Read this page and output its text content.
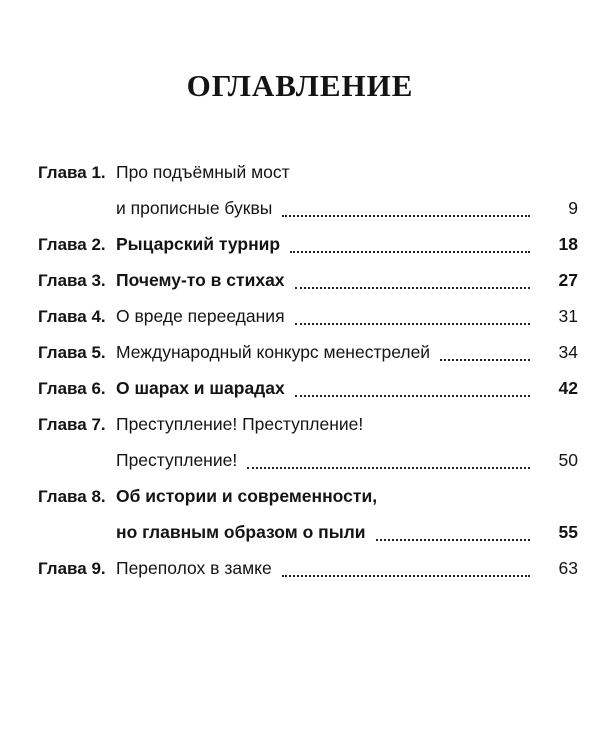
ОГЛАВЛЕНИЕ
Глава 1. Про подъёмный мост
и прописные буквы	9
Глава 2. Рыцарский турнир	18
Глава 3. Почему-то в стихах	27
Глава 4. О вреде переедания	31
Глава 5. Международный конкурс менестрелей	34
Глава 6. О шарах и шарадах	42
Глава 7. Преступление! Преступление!
Преступление!	50
Глава 8. Об истории и современности,
но главным образом о пыли	55
Глава 9. Переполох в замке	63
